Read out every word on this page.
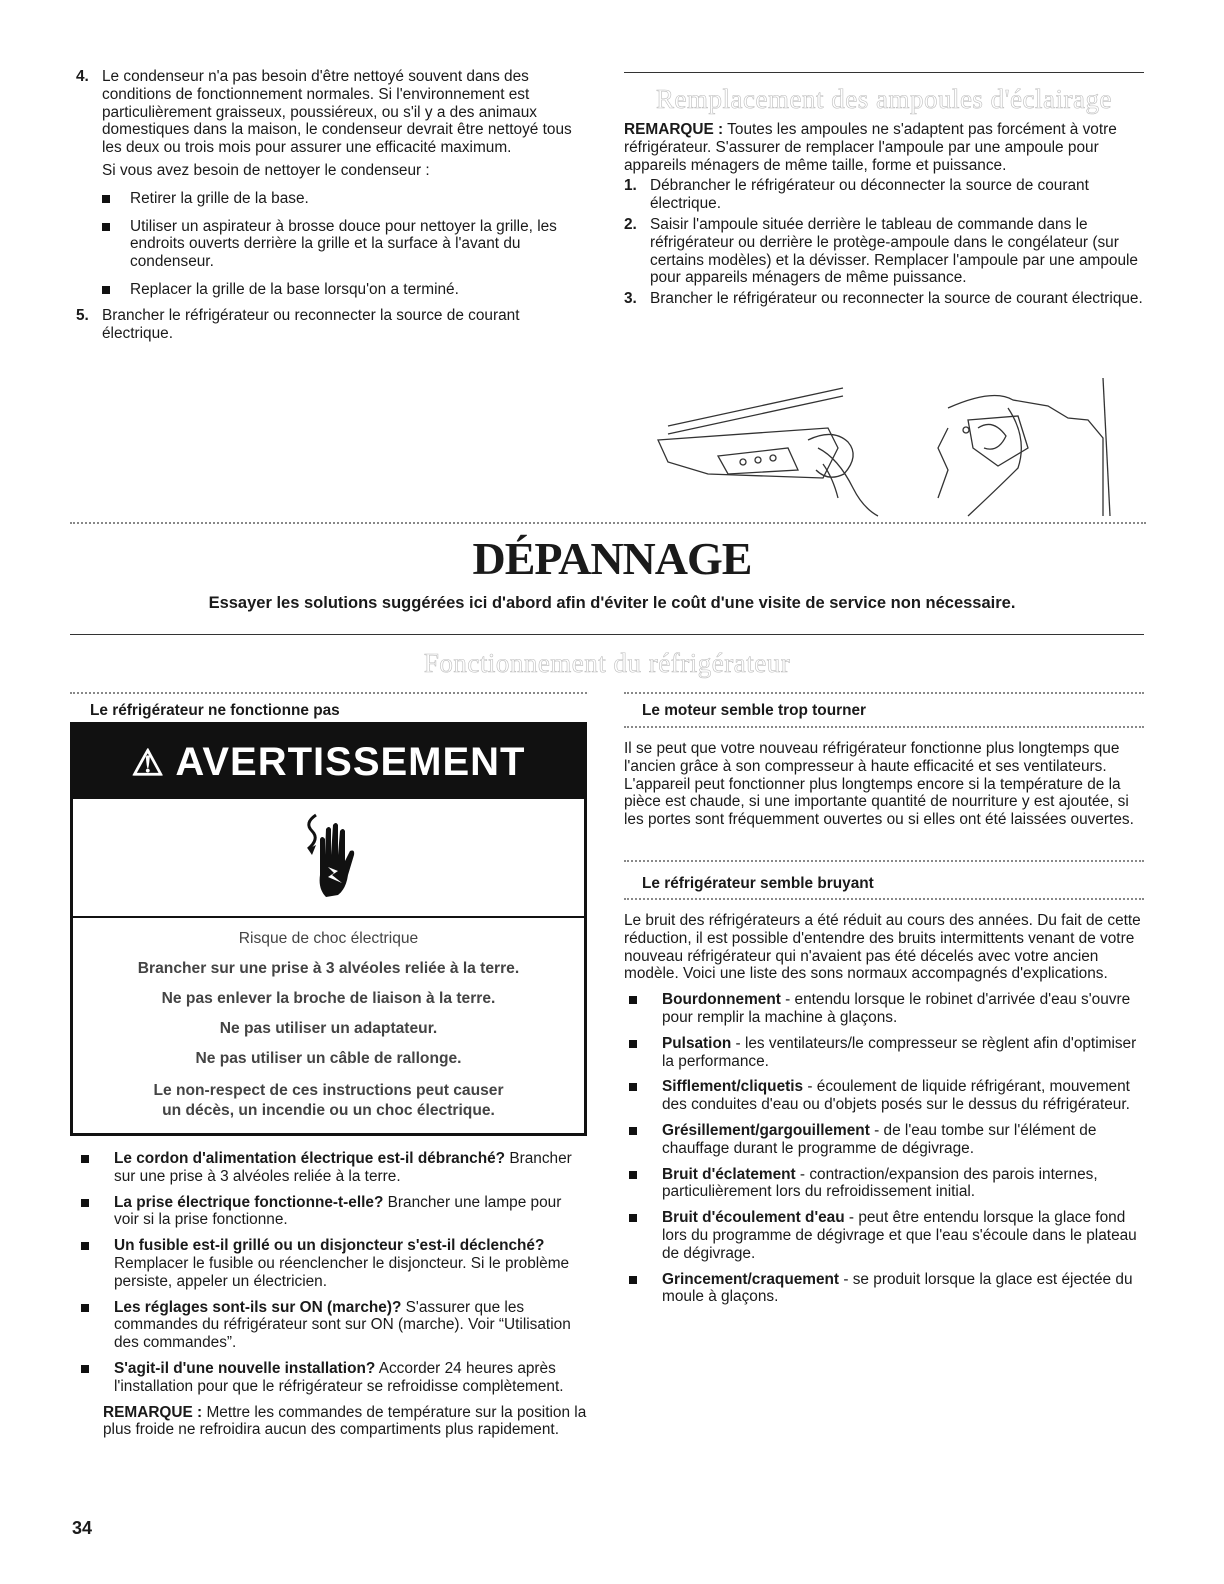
4. Le condenseur n'a pas besoin d'être nettoyé souvent dans des conditions de fonctionnement normales. Si l'environnement est particulièrement graisseux, poussiéreux, ou s'il y a des animaux domestiques dans la maison, le condenseur devrait être nettoyé tous les deux ou trois mois pour assurer une efficacité maximum.

Si vous avez besoin de nettoyer le condenseur :

Retirer la grille de la base.

Utiliser un aspirateur à brosse douce pour nettoyer la grille, les endroits ouverts derrière la grille et la surface à l'avant du condenseur.

Replacer la grille de la base lorsqu'on a terminé.

5. Brancher le réfrigérateur ou reconnecter la source de courant électrique.
Remplacement des ampoules d'éclairage

REMARQUE : Toutes les ampoules ne s'adaptent pas forcément à votre réfrigérateur. S'assurer de remplacer l'ampoule par une ampoule pour appareils ménagers de même taille, forme et puissance.

1. Débrancher le réfrigérateur ou déconnecter la source de courant électrique.
2. Saisir l'ampoule située derrière le tableau de commande dans le réfrigérateur ou derrière le protège-ampoule dans le congélateur (sur certains modèles) et la dévisser. Remplacer l'ampoule par une ampoule pour appareils ménagers de même puissance.
3. Brancher le réfrigérateur ou reconnecter la source de courant électrique.
DÉPANNAGE
Essayer les solutions suggérées ici d'abord afin d'éviter le coût d'une visite de service non nécessaire.
Fonctionnement du réfrigérateur
Le réfrigérateur ne fonctionne pas
⚠ AVERTISSEMENT
Risque de choc électrique
Brancher sur une prise à 3 alvéoles reliée à la terre.
Ne pas enlever la broche de liaison à la terre.
Ne pas utiliser un adaptateur.
Ne pas utiliser un câble de rallonge.
Le non-respect de ces instructions peut causer
un décès, un incendie ou un choc électrique.

Le cordon d'alimentation électrique est-il débranché? Brancher sur une prise à 3 alvéoles reliée à la terre.

La prise électrique fonctionne-t-elle? Brancher une lampe pour voir si la prise fonctionne.

Un fusible est-il grillé ou un disjoncteur s'est-il déclenché? Remplacer le fusible ou réenclencher le disjoncteur. Si le problème persiste, appeler un électricien.

Les réglages sont-ils sur ON (marche)? S'assurer que les commandes du réfrigérateur sont sur ON (marche). Voir “Utilisation des commandes”.

S'agit-il d'une nouvelle installation? Accorder 24 heures après l'installation pour que le réfrigérateur se refroidisse complètement.

REMARQUE : Mettre les commandes de température sur la position la plus froide ne refroidira aucun des compartiments plus rapidement.

Le moteur semble trop tourner
Il se peut que votre nouveau réfrigérateur fonctionne plus longtemps que l'ancien grâce à son compresseur à haute efficacité et ses ventilateurs. L'appareil peut fonctionner plus longtemps encore si la température de la pièce est chaude, si une importante quantité de nourriture y est ajoutée, si les portes sont fréquemment ouvertes ou si elles ont été laissées ouvertes.
Le réfrigérateur semble bruyant

Le bruit des réfrigérateurs a été réduit au cours des années. Du fait de cette réduction, il est possible d'entendre des bruits intermittents venant de votre nouveau réfrigérateur qui n'avaient pas été décelés avec votre ancien modèle. Voici une liste des sons normaux accompagnés d'explications.

Bourdonnement - entendu lorsque le robinet d'arrivée d'eau s'ouvre pour remplir la machine à glaçons.

Pulsation - les ventilateurs/le compresseur se règlent afin d'optimiser la performance.

Sifflement/cliquetis - écoulement de liquide réfrigérant, mouvement des conduites d'eau ou d'objets posés sur le dessus du réfrigérateur.

Grésillement/gargouillement - de l'eau tombe sur l'élément de chauffage durant le programme de dégivrage.

Bruit d'éclatement - contraction/expansion des parois internes, particulièrement lors du refroidissement initial.

Bruit d'écoulement d'eau - peut être entendu lorsque la glace fond lors du programme de dégivrage et que l'eau s'écoule dans le plateau de dégivrage.

Grincement/craquement - se produit lorsque la glace est éjectée du moule à glaçons.

34
